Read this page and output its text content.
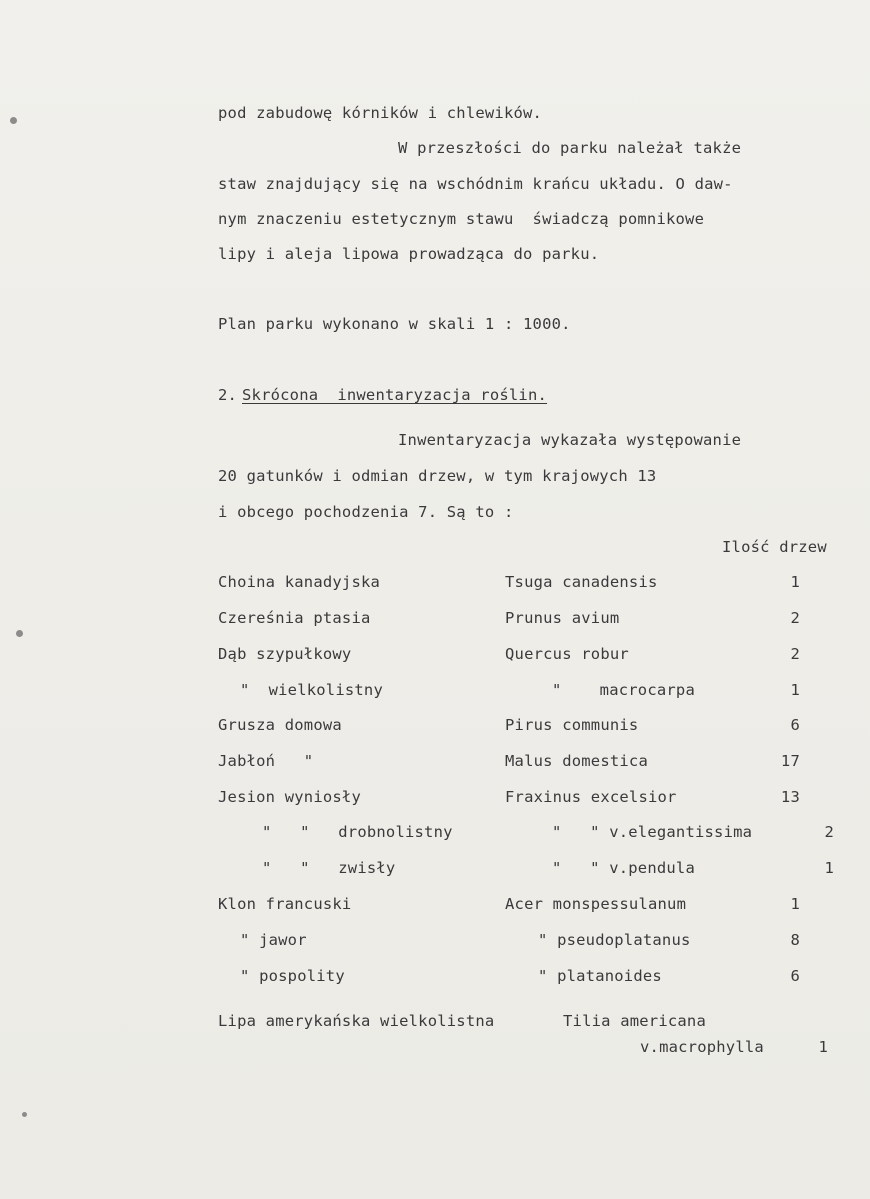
pod zabudowę kórników i chlewików.
W przeszłości do parku należał także
staw znajdujący się na wschódnim krańcu układu. O daw-
nym znaczeniu estetycznym stawu  świadczą pomnikowe
lipy i aleja lipowa prowadząca do parku.
Plan parku wykonano w skali 1 : 1000.
2. Skrócona  inwentaryzacja roślin.
Inwentaryzacja wykazała występowanie
20 gatunków i odmian drzew, w tym krajowych 13
i obcego pochodzenia 7. Są to :
Ilość drzew
Choina kanadyjska	Tsuga canadensis	1
Czereśnia ptasia	Prunus avium	2
Dąb szypułkowy	Quercus robur	2
"  wielkolistny	"    macrocarpa	1
Grusza domowa	Pirus communis	6
Jabłoń   "	Malus domestica	17
Jesion wyniosły	Fraxinus excelsior	13
"   "   drobnolistny	"   " v.elegantissima	2
"   "   zwisły	"   " v.pendula	1
Klon francuski	Acer monspessulanum	1
" jawor	" pseudoplatanus	8
" pospolity	" platanoides	6
Lipa amerykańska wielkolistna	Tilia americana
v.macrophylla	1
